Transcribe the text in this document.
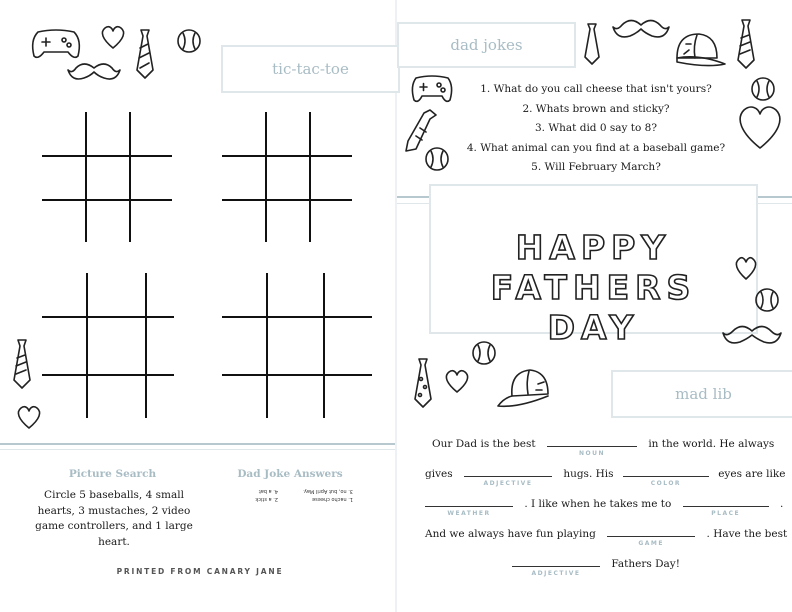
tic-tac-toe
Picture Search
Circle 5 baseballs, 4 small hearts, 3 mustaches, 2 video game controllers, and 1 large heart.
Dad Joke Answers
1. nacho cheese
3. no, but April May.
2. a stick
4. a bat
PRINTED FROM CANARY JANE
dad jokes
1. What do you call cheese that isn't yours?
2. Whats brown and sticky?
3. What did 0 say to 8?
4. What animal can you find at a baseball game?
5. Will February March?
HAPPY
FATHERS
DAY
mad lib
Our Dad is the best
NOUN
in the world. He always
gives
ADJECTIVE
hugs. His
COLOR
eyes are like
WEATHER
. I like when he takes me to
PLACE
.
And we always have fun playing
GAME
. Have the best
ADJECTIVE
Fathers Day!
